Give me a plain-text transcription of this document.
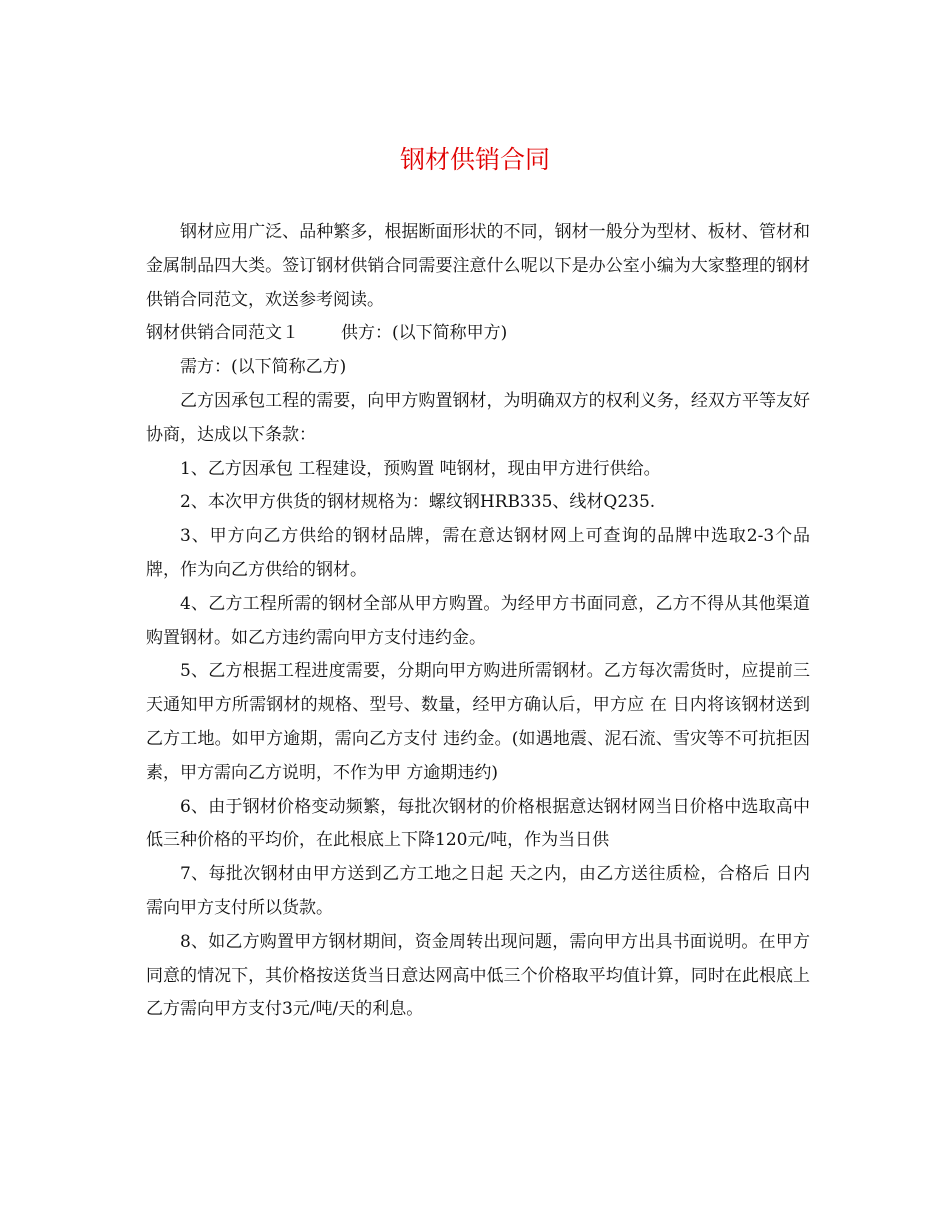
钢材供销合同

钢材应用广泛、品种繁多，根据断面形状的不同，钢材一般分为型材、板材、管材和金属制品四大类。签订钢材供销合同需要注意什么呢以下是办公室小编为大家整理的钢材供销合同范文，欢送参考阅读。

钢材供销合同范文１ 供方：(以下简称甲方)

需方：(以下简称乙方)

乙方因承包工程的需要，向甲方购置钢材，为明确双方的权利义务，经双方平等友好协商，达成以下条款：

1、乙方因承包 工程建设，预购置 吨钢材，现由甲方进行供给。

2、本次甲方供货的钢材规格为：螺纹钢HRB335、线材Q235.

3、甲方向乙方供给的钢材品牌，需在意达钢材网上可查询的品牌中选取2-3个品牌，作为向乙方供给的钢材。

4、乙方工程所需的钢材全部从甲方购置。为经甲方书面同意，乙方不得从其他渠道购置钢材。如乙方违约需向甲方支付违约金。

5、乙方根据工程进度需要，分期向甲方购进所需钢材。乙方每次需货时，应提前三天通知甲方所需钢材的规格、型号、数量，经甲方确认后，甲方应 在 日内将该钢材送到乙方工地。如甲方逾期，需向乙方支付 违约金。(如遇地震、泥石流、雪灾等不可抗拒因素，甲方需向乙方说明，不作为甲 方逾期违约)

6、由于钢材价格变动频繁，每批次钢材的价格根据意达钢材网当日价格中选取高中低三种价格的平均价，在此根底上下降120元/吨，作为当日供

7、每批次钢材由甲方送到乙方工地之日起 天之内，由乙方送往质检，合格后 日内需向甲方支付所以货款。

8、如乙方购置甲方钢材期间，资金周转出现问题，需向甲方出具书面说明。在甲方同意的情况下，其价格按送货当日意达网高中低三个价格取平均值计算，同时在此根底上乙方需向甲方支付3元/吨/天的利息。
